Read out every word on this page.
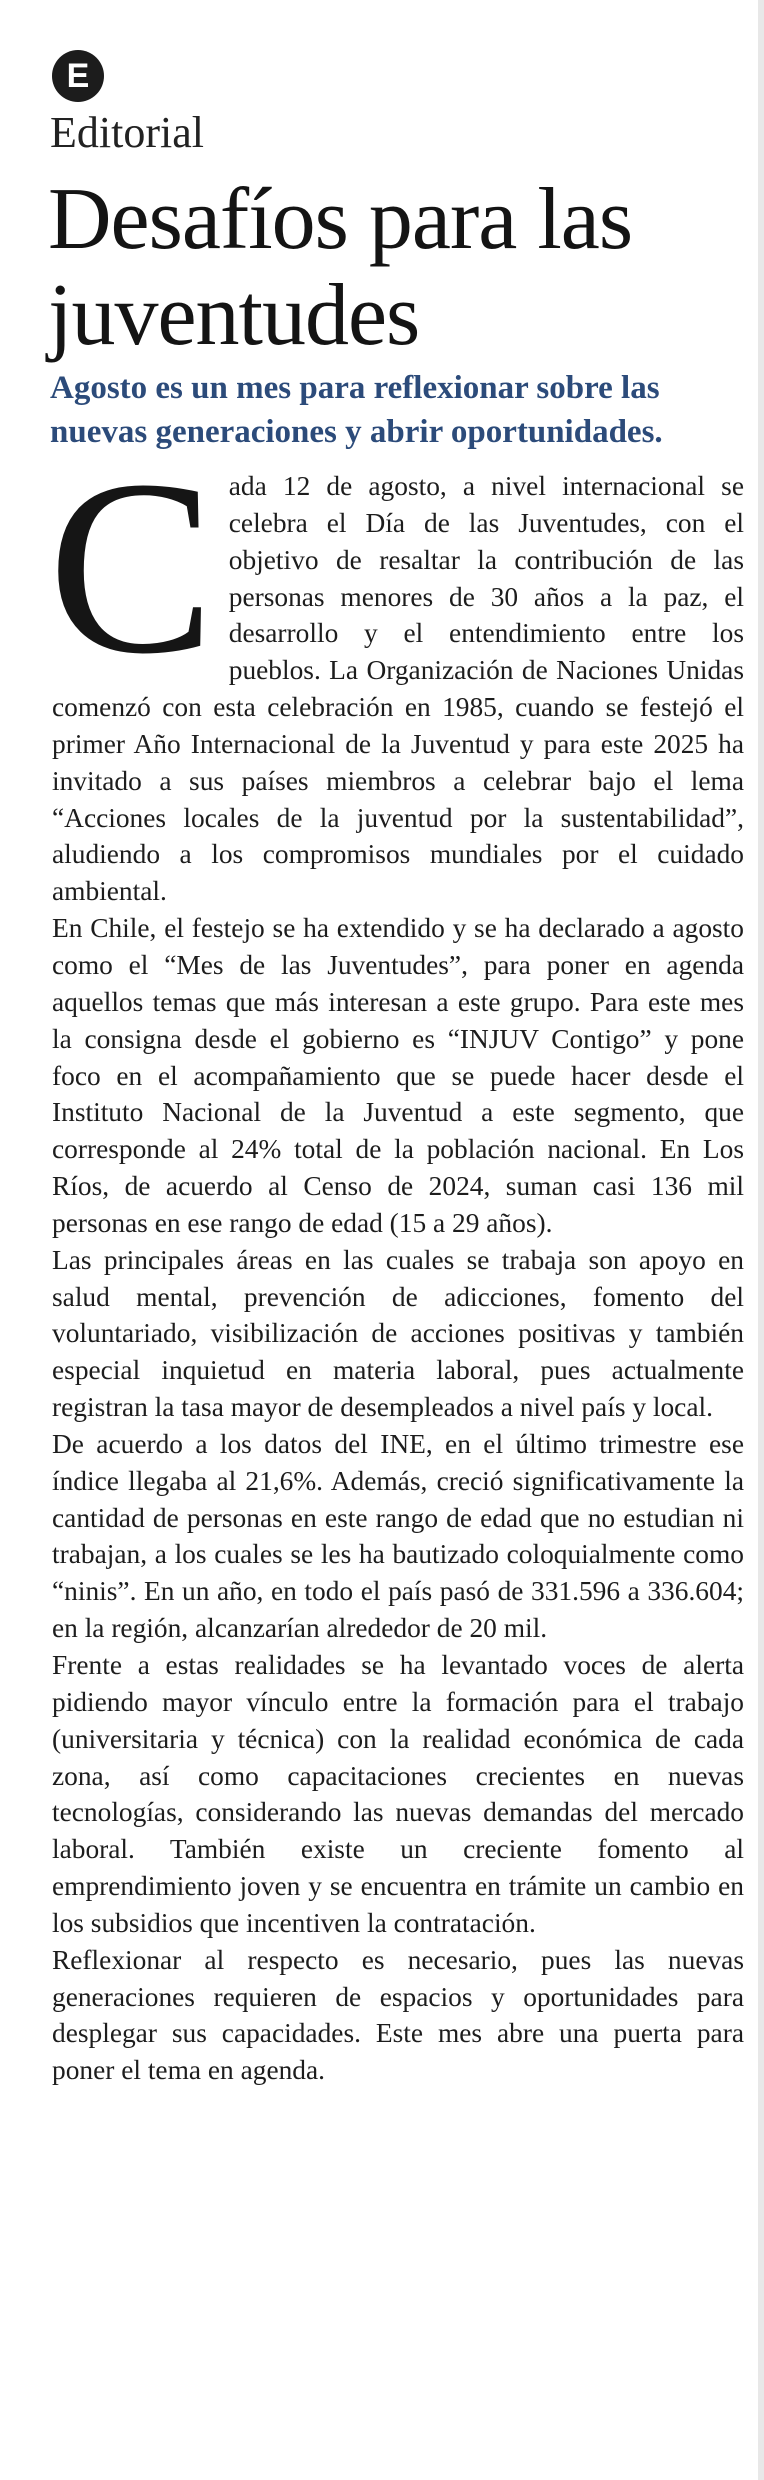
E
Editorial
Desafíos para las juventudes
Agosto es un mes para reflexionar sobre las nuevas generaciones y abrir oportunidades.

Cada 12 de agosto, a nivel internacional se celebra el Día de las Juventudes, con el objetivo de resaltar la contribución de las personas menores de 30 años a la paz, el desarrollo y el entendimiento entre los pueblos. La Organización de Naciones Unidas comenzó con esta celebración en 1985, cuando se festejó el primer Año Internacional de la Juventud y para este 2025 ha invitado a sus países miembros a celebrar bajo el lema “Acciones locales de la juventud por la sustentabilidad”, aludiendo a los compromisos mundiales por el cuidado ambiental.

En Chile, el festejo se ha extendido y se ha declarado a agosto como el “Mes de las Juventudes”, para poner en agenda aquellos temas que más interesan a este grupo. Para este mes la consigna desde el gobierno es “INJUV Contigo” y pone foco en el acompañamiento que se puede hacer desde el Instituto Nacional de la Juventud a este segmento, que corresponde al 24% total de la población nacional. En Los Ríos, de acuerdo al Censo de 2024, suman casi 136 mil personas en ese rango de edad (15 a 29 años).

Las principales áreas en las cuales se trabaja son apoyo en salud mental, prevención de adicciones, fomento del voluntariado, visibilización de acciones positivas y también especial inquietud en materia laboral, pues actualmente registran la tasa mayor de desempleados a nivel país y local.

De acuerdo a los datos del INE, en el último trimestre ese índice llegaba al 21,6%. Además, creció significativamente la cantidad de personas en este rango de edad que no estudian ni trabajan, a los cuales se les ha bautizado coloquialmente como “ninis”. En un año, en todo el país pasó de 331.596 a 336.604; en la región, alcanzarían alrededor de 20 mil.

Frente a estas realidades se ha levantado voces de alerta pidiendo mayor vínculo entre la formación para el trabajo (universitaria y técnica) con la realidad económica de cada zona, así como capacitaciones crecientes en nuevas tecnologías, considerando las nuevas demandas del mercado laboral. También existe un creciente fomento al emprendimiento joven y se encuentra en trámite un cambio en los subsidios que incentiven la contratación.

Reflexionar al respecto es necesario, pues las nuevas generaciones requieren de espacios y oportunidades para desplegar sus capacidades. Este mes abre una puerta para poner el tema en agenda.
